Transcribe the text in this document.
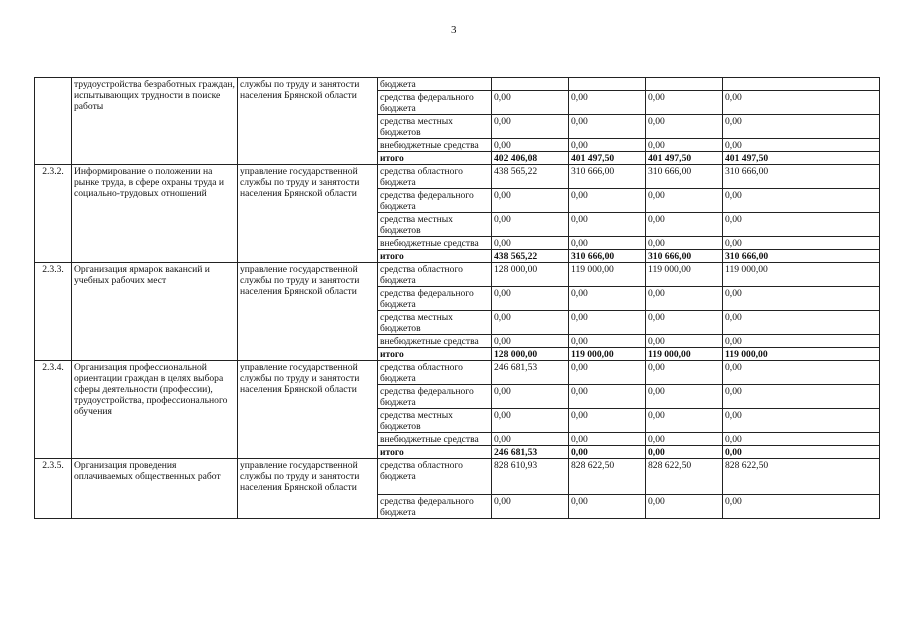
3
	трудоустройства безработных граждан, испытывающих трудности в поиске работы	службы по труду и занятости населения Брянской области	бюджета				
			средства федерального бюджета	0,00	0,00	0,00	0,00
			средства местных бюджетов	0,00	0,00	0,00	0,00
			внебюджетные средства	0,00	0,00	0,00	0,00
			итого	402 406,08	401 497,50	401 497,50	401 497,50
2.3.2.	Информирование о положении на рынке труда, в сфере охраны труда и социально-трудовых отношений	управление государственной службы по труду и занятости населения Брянской области	средства областного бюджета	438 565,22	310 666,00	310 666,00	310 666,00
			средства федерального бюджета	0,00	0,00	0,00	0,00
			средства местных бюджетов	0,00	0,00	0,00	0,00
			внебюджетные средства	0,00	0,00	0,00	0,00
			итого	438 565,22	310 666,00	310 666,00	310 666,00
2.3.3.	Организация ярмарок вакансий и учебных рабочих мест	управление государственной службы по труду и занятости населения Брянской области	средства областного бюджета	128 000,00	119 000,00	119 000,00	119 000,00
			средства федерального бюджета	0,00	0,00	0,00	0,00
			средства местных бюджетов	0,00	0,00	0,00	0,00
			внебюджетные средства	0,00	0,00	0,00	0,00
			итого	128 000,00	119 000,00	119 000,00	119 000,00
2.3.4.	Организация профессиональной ориентации граждан в целях выбора сферы деятельности (профессии), трудоустройства, профессионального обучения	управление государственной службы по труду и занятости населения Брянской области	средства областного бюджета	246 681,53	0,00	0,00	0,00
			средства федерального бюджета	0,00	0,00	0,00	0,00
			средства местных бюджетов	0,00	0,00	0,00	0,00
			внебюджетные средства	0,00	0,00	0,00	0,00
			итого	246 681,53	0,00	0,00	0,00
2.3.5.	Организация проведения оплачиваемых общественных работ	управление государственной службы по труду и занятости населения Брянской области	средства областного бюджета	828 610,93	828 622,50	828 622,50	828 622,50
			средства федерального бюджета	0,00	0,00	0,00	0,00
